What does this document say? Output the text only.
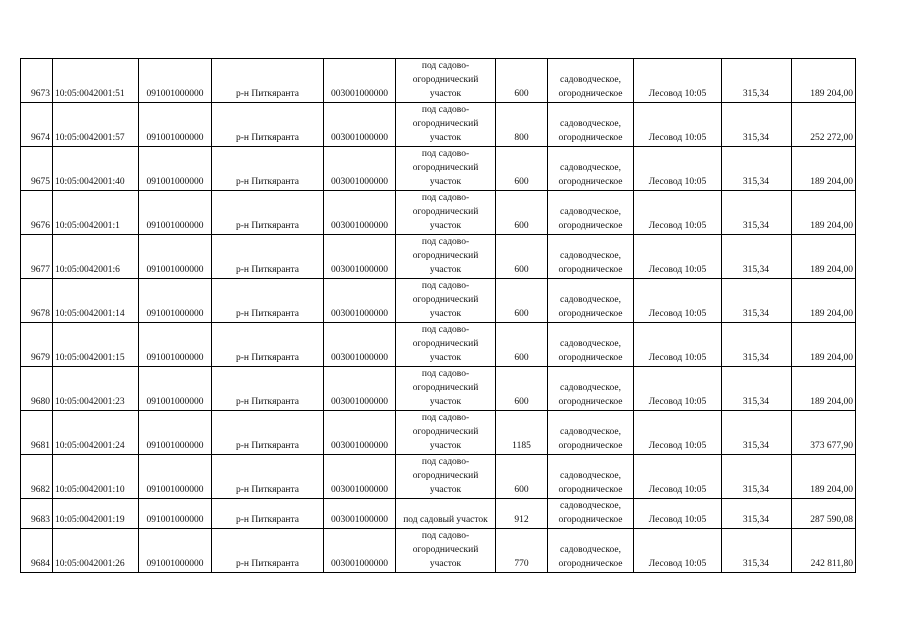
9673	10:05:0042001:51	091001000000	р-н Питкяранта	003001000000	под садово-огороднический участок	600	садоводческое, огородническое	Лесовод 10:05	315,34	189 204,00
9674	10:05:0042001:57	091001000000	р-н Питкяранта	003001000000	под садово-огороднический участок	800	садоводческое, огородническое	Лесовод 10:05	315,34	252 272,00
9675	10:05:0042001:40	091001000000	р-н Питкяранта	003001000000	под садово-огороднический участок	600	садоводческое, огородническое	Лесовод 10:05	315,34	189 204,00
9676	10:05:0042001:1	091001000000	р-н Питкяранта	003001000000	под садово-огороднический участок	600	садоводческое, огородническое	Лесовод 10:05	315,34	189 204,00
9677	10:05:0042001:6	091001000000	р-н Питкяранта	003001000000	под садово-огороднический участок	600	садоводческое, огородническое	Лесовод 10:05	315,34	189 204,00
9678	10:05:0042001:14	091001000000	р-н Питкяранта	003001000000	под садово-огороднический участок	600	садоводческое, огородническое	Лесовод 10:05	315,34	189 204,00
9679	10:05:0042001:15	091001000000	р-н Питкяранта	003001000000	под садово-огороднический участок	600	садоводческое, огородническое	Лесовод 10:05	315,34	189 204,00
9680	10:05:0042001:23	091001000000	р-н Питкяранта	003001000000	под садово-огороднический участок	600	садоводческое, огородническое	Лесовод 10:05	315,34	189 204,00
9681	10:05:0042001:24	091001000000	р-н Питкяранта	003001000000	под садово-огороднический участок	1185	садоводческое, огородническое	Лесовод 10:05	315,34	373 677,90
9682	10:05:0042001:10	091001000000	р-н Питкяранта	003001000000	под садово-огороднический участок	600	садоводческое, огородническое	Лесовод 10:05	315,34	189 204,00
9683	10:05:0042001:19	091001000000	р-н Питкяранта	003001000000	под садовый участок	912	садоводческое, огородническое	Лесовод 10:05	315,34	287 590,08
9684	10:05:0042001:26	091001000000	р-н Питкяранта	003001000000	под садово-огороднический участок	770	садоводческое, огородническое	Лесовод 10:05	315,34	242 811,80
